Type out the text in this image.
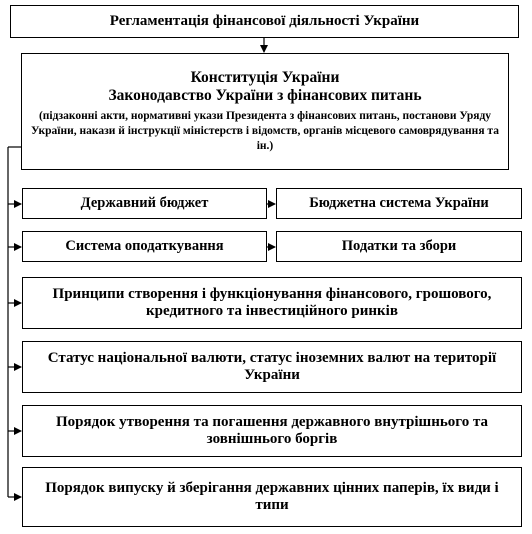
Регламентація фінансової діяльності України
Конституція України
Законодавство України з фінансових питань
(підзаконні акти, нормативні укази Президента з фінансових питань, постанови Уряду України, накази й інструкції міністерств і відомств, органів місцевого самоврядування та ін.)
Державний бюджет	Бюджетна система України
Система оподаткування	Податки та збори
Принципи створення і функціонування фінансового, грошового, кредитного та інвестиційного ринків
Статус національної валюти, статус іноземних валют на території України
Порядок утворення та погашення державного внутрішнього та зовнішнього боргів
Порядок випуску й зберігання державних цінних паперів, їх види і типи
